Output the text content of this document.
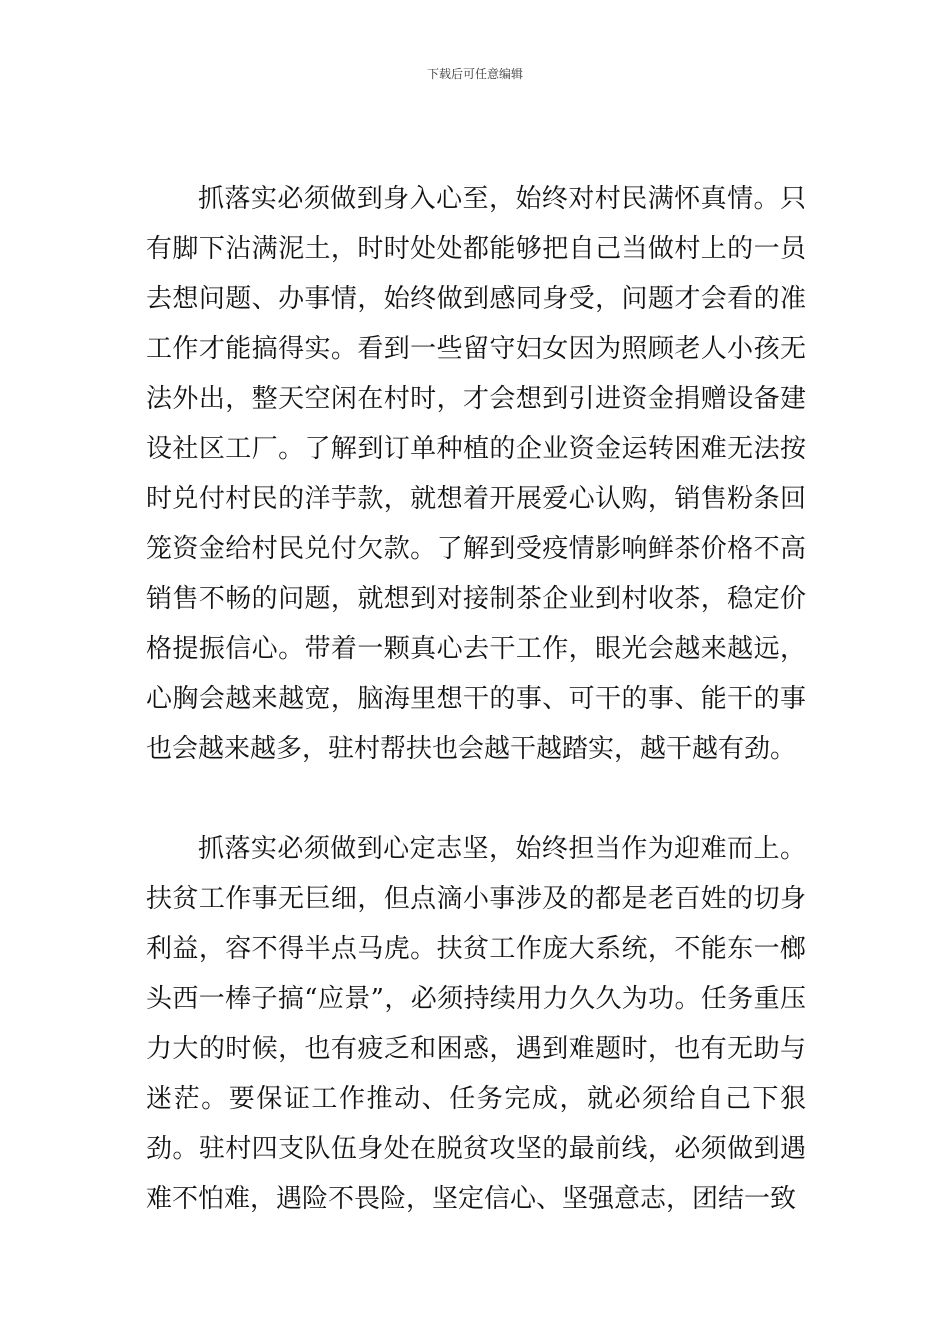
下载后可任意编辑

抓落实必须做到身入心至，始终对村民满怀真情。只有脚下沾满泥土，时时处处都能够把自己当做村上的一员去想问题、办事情，始终做到感同身受，问题才会看的准工作才能搞得实。看到一些留守妇女因为照顾老人小孩无法外出，整天空闲在村时，才会想到引进资金捐赠设备建设社区工厂。了解到订单种植的企业资金运转困难无法按时兑付村民的洋芋款，就想着开展爱心认购，销售粉条回笼资金给村民兑付欠款。了解到受疫情影响鲜茶价格不高销售不畅的问题，就想到对接制茶企业到村收茶，稳定价格提振信心。带着一颗真心去干工作，眼光会越来越远，心胸会越来越宽，脑海里想干的事、可干的事、能干的事也会越来越多，驻村帮扶也会越干越踏实，越干越有劲。

抓落实必须做到心定志坚，始终担当作为迎难而上。扶贫工作事无巨细，但点滴小事涉及的都是老百姓的切身利益，容不得半点马虎。扶贫工作庞大系统，不能东一榔头西一棒子搞“应景”，必须持续用力久久为功。任务重压力大的时候，也有疲乏和困惑，遇到难题时，也有无助与迷茫。要保证工作推动、任务完成，就必须给自己下狠劲。驻村四支队伍身处在脱贫攻坚的最前线，必须做到遇难不怕难，遇险不畏险，坚定信心、坚强意志，团结一致
